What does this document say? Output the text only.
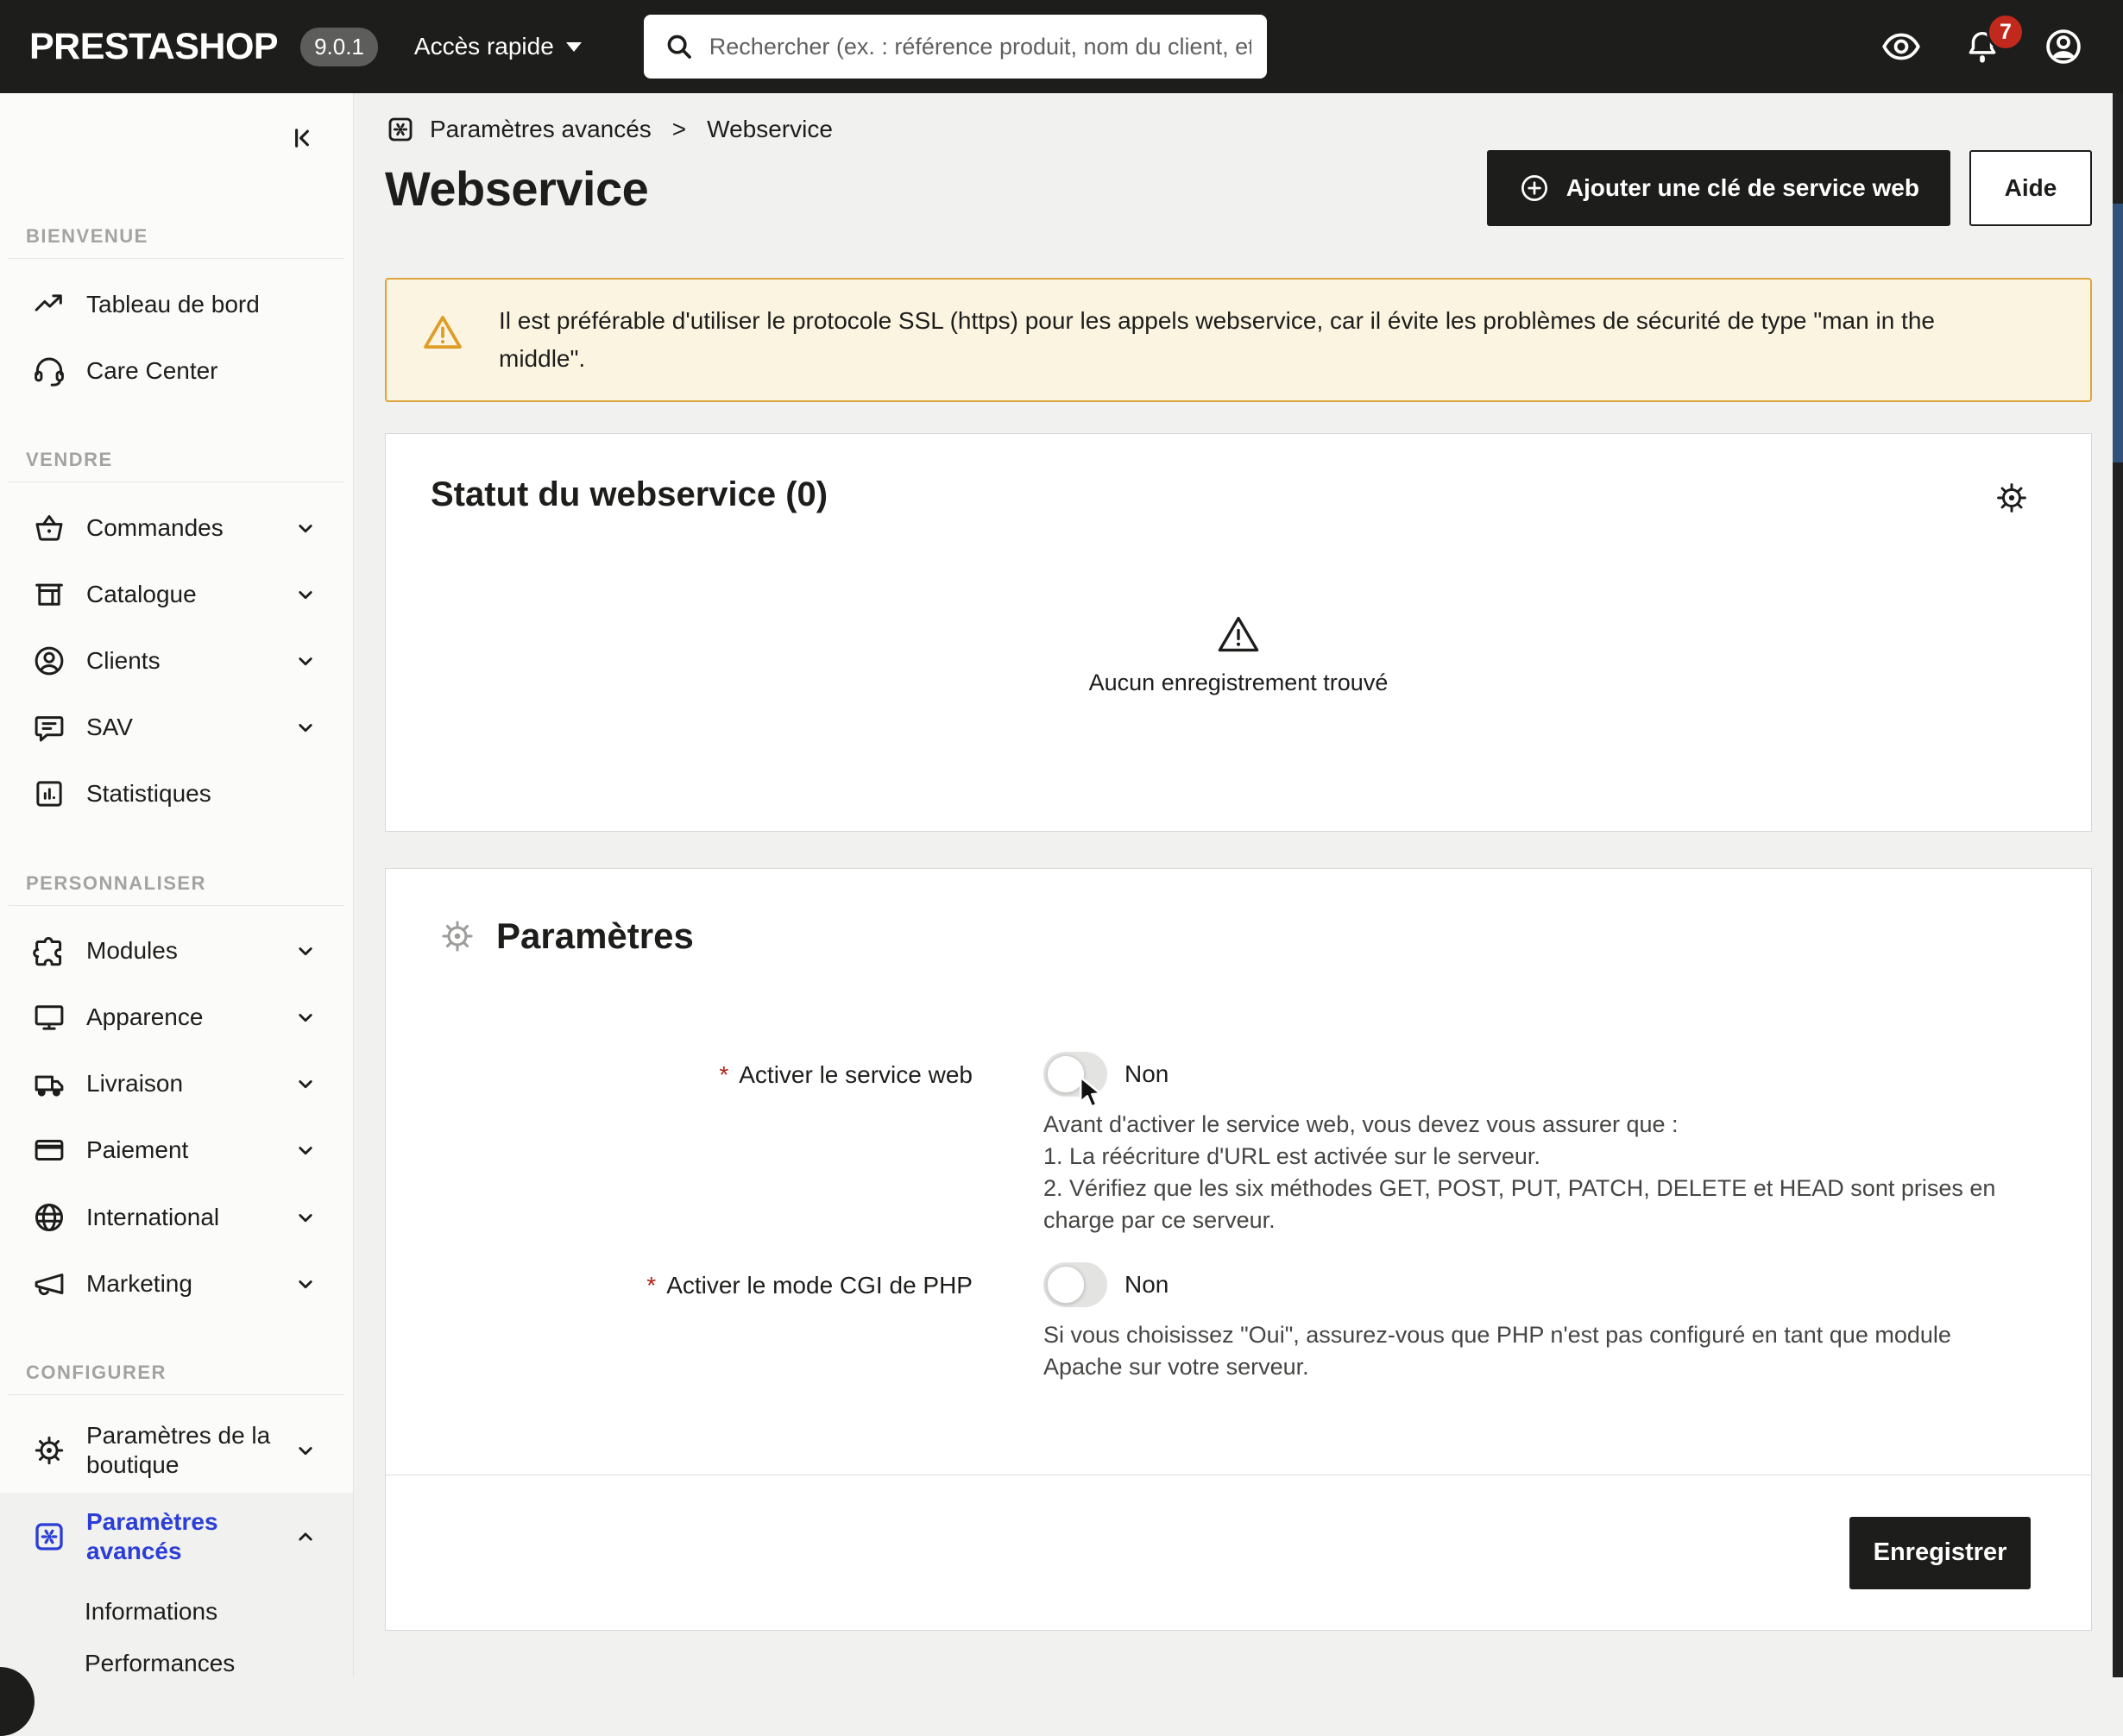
PRESTASHOP	9.0.1	Accès rapide
Rechercher (ex. : référence produit, nom du client, etc.)
7
BIENVENUE
Tableau de bord
Care Center
VENDRE
Commandes
Catalogue
Clients
SAV
Statistiques
PERSONNALISER
Modules
Apparence
Livraison
Paiement
International
Marketing
CONFIGURER
Paramètres de la boutique
Paramètres avancés
Informations
Performances
Paramètres avancés > Webservice
Webservice	Ajouter une clé de service web	Aide
Il est préférable d'utiliser le protocole SSL (https) pour les appels webservice, car il évite les problèmes de sécurité de type "man in the middle".
Statut du webservice (0)
Aucun enregistrement trouvé
Paramètres
* Activer le service web	Non
Avant d'activer le service web, vous devez vous assurer que :
1. La réécriture d'URL est activée sur le serveur.
2. Vérifiez que les six méthodes GET, POST, PUT, PATCH, DELETE et HEAD sont prises en
charge par ce serveur.
* Activer le mode CGI de PHP	Non
Si vous choisissez "Oui", assurez-vous que PHP n'est pas configuré en tant que module
Apache sur votre serveur.
Enregistrer
